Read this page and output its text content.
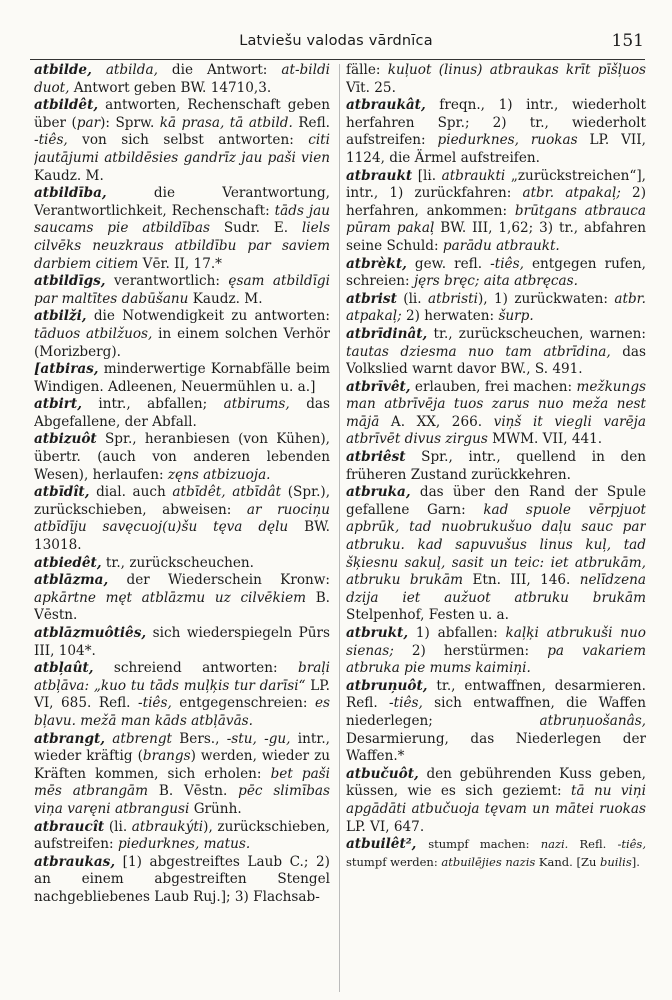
Latviešu valodas vārdnīca	151

atbilde, atbilda, die Antwort: at-bildi duot, Antwort geben BW. 14710,3.

atbildêt, antworten, Rechenschaft geben über (par): Sprw. kā prasa, tā atbild. Refl. -tiês, von sich selbst antworten: citi jautājumi atbildēsies gandrīz jau paši vien Kaudz. M.

atbildība, die Verantwortung, Verantwortlichkeit, Rechenschaft: tāds jau saucams pie atbildības Sudr. E. liels cilvēks neuzkraus atbildību par saviem darbiem citiem Vēr. II, 17.*

atbildīgs, verantwortlich: ęsam atbildīgi par maltītes dabūšanu Kaudz. M.

atbilži, die Notwendigkeit zu antworten: tāduos atbilžuos, in einem solchen Verhör (Morizberg).

[atbiras, minderwertige Kornabfälle beim Windigen. Adleenen, Neuermühlen u. a.]

atbirt, intr., abfallen; atbirums, das Abgefallene, der Abfall.

atbizuôt Spr., heranbiesen (von Kühen), übertr. (auch von anderen lebenden Wesen), herlaufen: zęns atbizuoja.

atbīdît, dial. auch atbīdêt, atbīdât (Spr.), zurückschieben, abweisen: ar ruociņu atbīdīju savęcuoj(u)šu tęva dęlu BW. 13018.

atbiedêt, tr., zurückscheuchen.

atblāzma, der Wiederschein Kronw: apkārtne męt atblāzmu uz cilvēkiem B. Vēstn.

atblāzmuôtiês, sich wiederspiegeln Pūrs III, 104*.

atbļaût, schreiend antworten: braļi atbļāva: „kuo tu tāds muļķis tur darīsi“ LP. VI, 685. Refl. -tiês, entgegenschreien: es bļavu. mežā man kāds atbļāvās.

atbrangt, atbrengt Bers., -stu, -gu, intr., wieder kräftig (brangs) werden, wieder zu Kräften kommen, sich erholen: bet paši mēs atbrangām B. Vēstn. pēc slimības viņa varęni atbrangusi Grünh.

atbraucît (li. atbraukýti), zurückschieben, aufstreifen: piedurknes, matus.

atbraukas, [1) abgestreiftes Laub C.; 2) an einem abgestreiften Stengel nachgebliebenes Laub Ruj.]; 3) Flachsab-

fälle: kuļuot (linus) atbraukas krīt pīšļuos Vīt. 25.

atbraukât, freqn., 1) intr., wiederholt herfahren Spr.; 2) tr., wiederholt aufstreifen: piedurknes, ruokas LP. VII, 1124, die Ärmel aufstreifen.

atbraukt [li. atbraukti „zurückstreichen“], intr., 1) zurückfahren: atbr. atpakaļ; 2) herfahren, ankommen: brūtgans atbrauca pūram pakaļ BW. III, 1,62; 3) tr., abfahren seine Schuld: parādu atbraukt.

atbrèkt, gew. refl. -tiês, entgegen rufen, schreien: jęrs bręc; aita atbręcas.

atbrist (li. atbristi), 1) zurückwaten: atbr. atpakaļ; 2) herwaten: šurp.

atbrīdinât, tr., zurückscheuchen, warnen: tautas dziesma nuo tam atbrīdina, das Volkslied warnt davor BW., S. 491.

atbrīvêt, erlauben, frei machen: mežkungs man atbrīvēja tuos zarus nuo meža nest mājā A. XX, 266. viņš it viegli varēja atbrīvēt divus zirgus MWM. VII, 441.

atbriêst Spr., intr., quellend in den früheren Zustand zurückkehren.

atbruka, das über den Rand der Spule gefallene Garn: kad spuole vērpjuot apbrūk, tad nuobrukušuo daļu sauc par atbruku. kad sapuvušus linus kuļ, tad šķiesnu sakuļ, sasit un teic: iet atbrukām, atbruku brukām Etn. III, 146. nelīdzena dzija iet aužuot atbruku brukām Stelpenhof, Festen u. a.

atbrukt, 1) abfallen: kaļķi atbrukuši nuo sienas; 2) herstürmen: pa vakariem atbruka pie mums kaimiņi.

atbruņuôt, tr., entwaffnen, desarmieren. Refl. -tiês, sich entwaffnen, die Waffen niederlegen; atbruņuošanâs, Desarmierung, das Niederlegen der Waffen.*

atbučuôt, den gebührenden Kuss geben, küssen, wie es sich geziemt: tā nu viņi apgādāti atbučuoja tęvam un mātei ruokas LP. VI, 647.

atbuilêt², stumpf machen: nazi. Refl. -tiês, stumpf werden: atbuilējies nazis Kand. [Zu builis].
